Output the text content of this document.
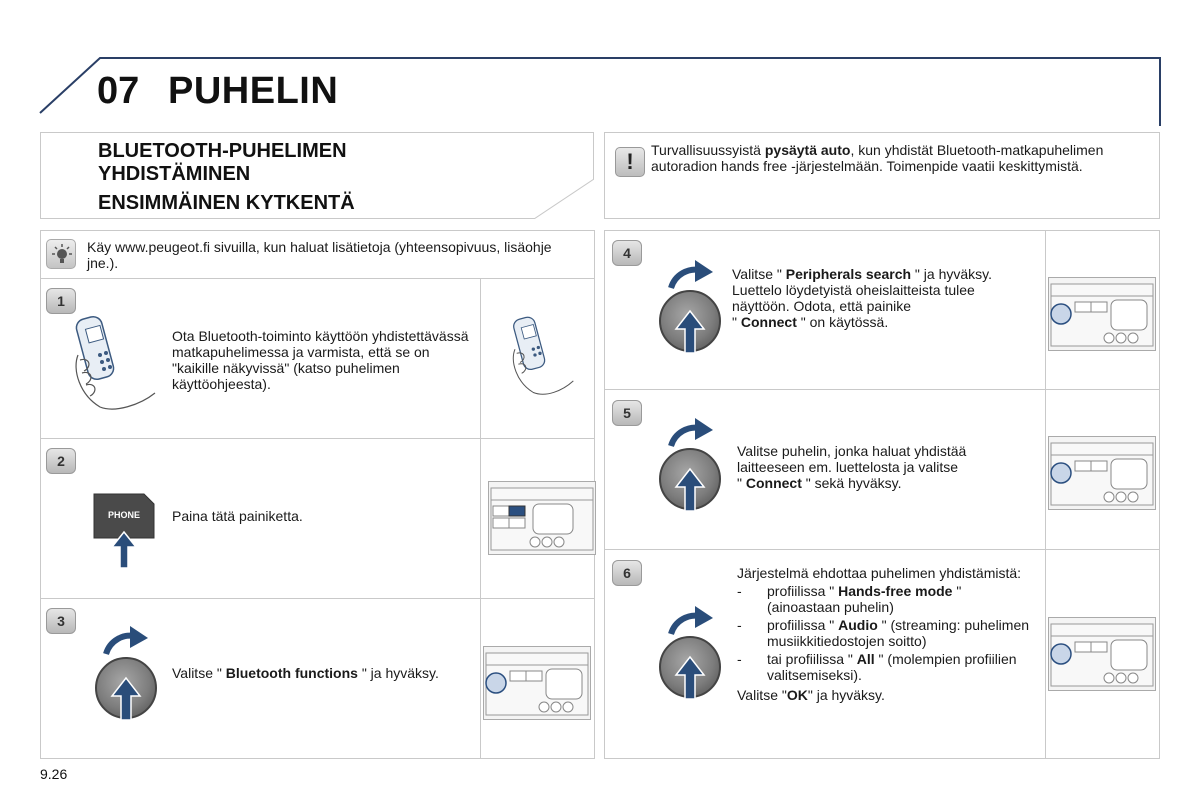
07 PUHELIN
BLUETOOTH-PUHELIMEN
YHDISTÄMINEN
ENSIMMÄINEN KYTKENTÄ
!	Turvallisuussyistä pysäytä auto, kun yhdistät Bluetooth-matkapuhelimen autoradion hands free -järjestelmään. Toimenpide vaatii keskittymistä.
Käy www.peugeot.fi sivuilla, kun haluat lisätietoja (yhteensopivuus, lisäohje jne.).
1
Ota Bluetooth-toiminto käyttöön yhdistettävässä matkapuhelimessa ja varmista, että se on "kaikille näkyvissä" (katso puhelimen käyttöohjeesta).
2
PHONE	Paina tätä painiketta.
3
Valitse " Bluetooth functions " ja hyväksy.
4
Valitse " Peripherals search " ja hyväksy.
Luettelo löydetyistä oheislaitteista tulee näyttöön. Odota, että painike
" Connect " on käytössä.
5
Valitse puhelin, jonka haluat yhdistää laitteeseen em. luettelosta ja valitse
" Connect " sekä hyväksy.
6	Järjestelmä ehdottaa puhelimen yhdistämistä:
- profiilissa " Hands-free mode " (ainoastaan puhelin)
- profiilissa " Audio " (streaming: puhelimen musiikkitiedostojen soitto)
- tai profiilissa " All " (molempien profiilien valitsemiseksi).
Valitse "OK" ja hyväksy.
9.26
